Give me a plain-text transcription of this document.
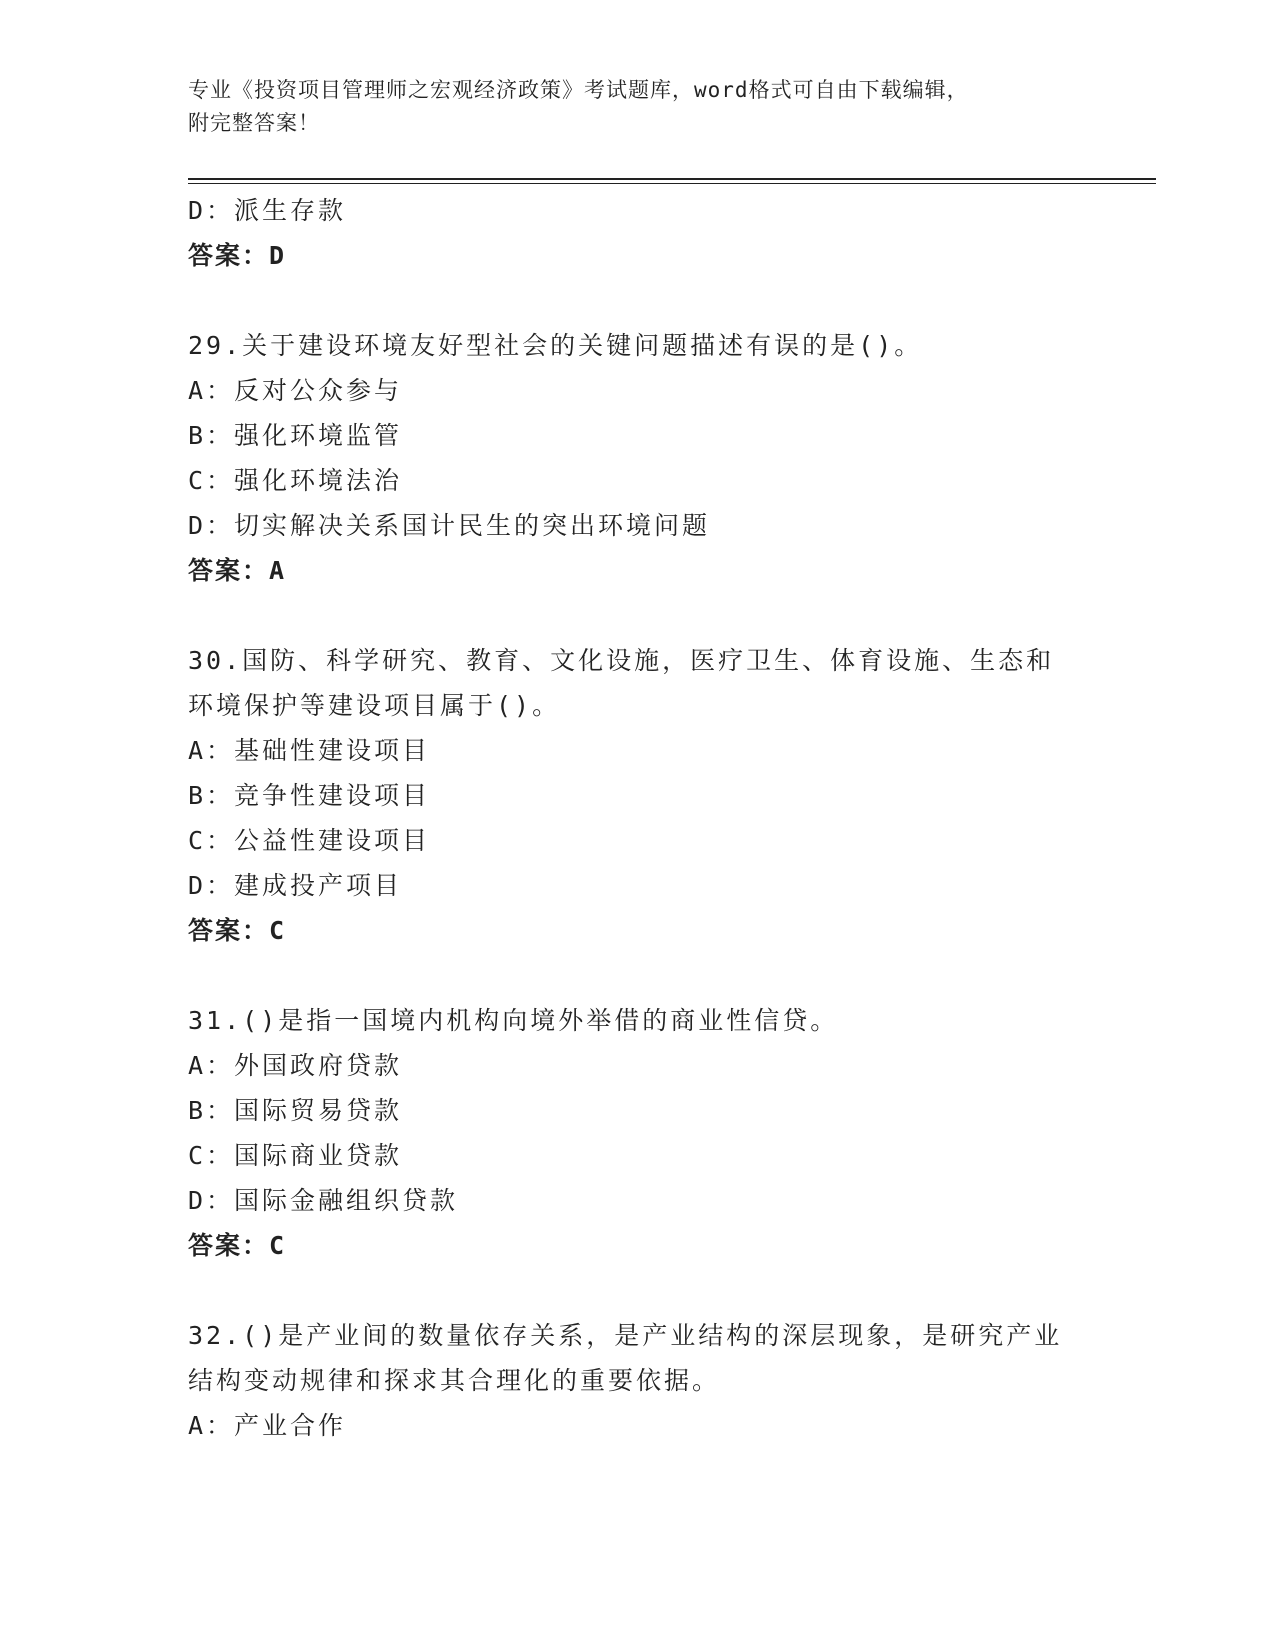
专业《投资项目管理师之宏观经济政策》考试题库，word格式可自由下载编辑，
附完整答案！
D：派生存款
答案：D
29.关于建设环境友好型社会的关键问题描述有误的是()。
A：反对公众参与
B：强化环境监管
C：强化环境法治
D：切实解决关系国计民生的突出环境问题
答案：A
30.国防、科学研究、教育、文化设施，医疗卫生、体育设施、生态和
环境保护等建设项目属于()。
A：基础性建设项目
B：竞争性建设项目
C：公益性建设项目
D：建成投产项目
答案：C
31.()是指一国境内机构向境外举借的商业性信贷。
A：外国政府贷款
B：国际贸易贷款
C：国际商业贷款
D：国际金融组织贷款
答案：C
32.()是产业间的数量依存关系，是产业结构的深层现象，是研究产业
结构变动规律和探求其合理化的重要依据。
A：产业合作
